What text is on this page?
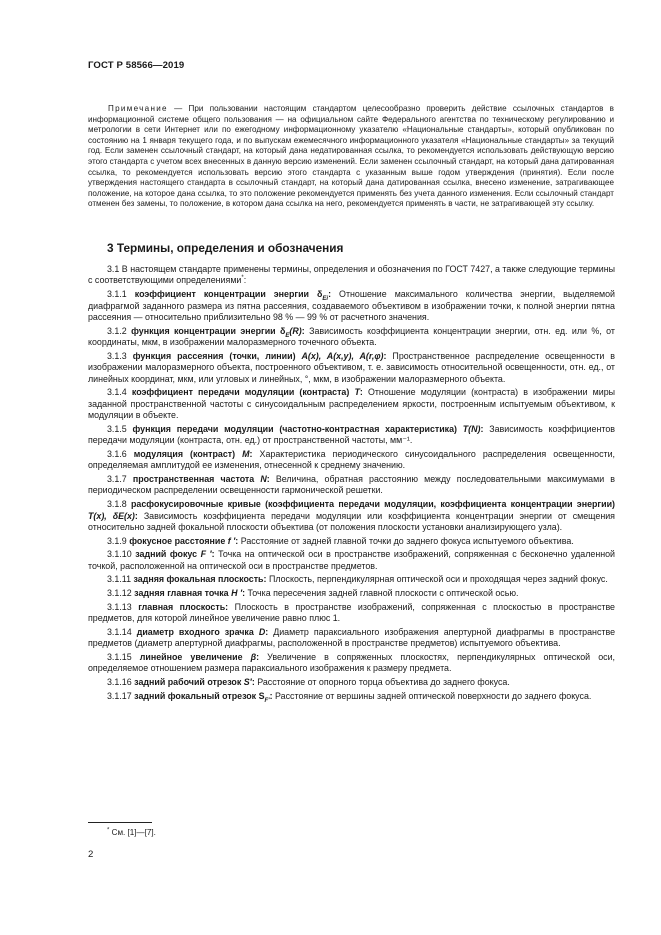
ГОСТ Р 58566—2019

Примечание — При пользовании настоящим стандартом целесообразно проверить действие ссылочных стандартов в информационной системе общего пользования — на официальном сайте Федерального агентства по техническому регулированию и метрологии в сети Интернет или по ежегодному информационному указателю «Национальные стандарты», который опубликован по состоянию на 1 января текущего года, и по выпускам ежемесячного информационного указателя «Национальные стандарты» за текущий год. Если заменен ссылочный стандарт, на который дана недатированная ссылка, то рекомендуется использовать действующую версию этого стандарта с учетом всех внесенных в данную версию изменений. Если заменен ссылочный стандарт, на который дана датированная ссылка, то рекомендуется использовать версию этого стандарта с указанным выше годом утверждения (принятия). Если после утверждения настоящего стандарта в ссылочный стандарт, на который дана датированная ссылка, внесено изменение, затрагивающее положение, на которое дана ссылка, то это положение рекомендуется применять без учета данного изменения. Если ссылочный стандарт отменен без замены, то положение, в котором дана ссылка на него, рекомендуется применять в части, не затрагивающей эту ссылку.

3 Термины, определения и обозначения

3.1 В настоящем стандарте применены термины, определения и обозначения по ГОСТ 7427, а также следующие термины с соответствующими определениями*:

3.1.1 коэффициент концентрации энергии $\delta_{Ei}$: Отношение максимального количества энергии, выделяемой диафрагмой заданного размера из пятна рассеяния, создаваемого объективом в изображении точки, к полной энергии пятна рассеяния — относительно приблизительно 98 % — 99 % от расчетного значения.

3.1.2 функция концентрации энергии $\delta_E(R)$: Зависимость коэффициента концентрации энергии, отн. ед. или %, от координаты, мкм, в изображении малоразмерного точечного объекта.

3.1.3 функция рассеяния (точки, линии) A(x), A(x,y), A(r,φ): Пространственное распределение освещенности в изображении малоразмерного объекта, построенного объективом, т. е. зависимость относительной освещенности, отн. ед., от линейных координат, мкм, или угловых и линейных, °, мкм, в изображении малоразмерного объекта.

3.1.4 коэффициент передачи модуляции (контраста) T: Отношение модуляции (контраста) в изображении миры заданной пространственной частоты с синусоидальным распределением яркости, построенным испытуемым объективом, к модуляции в объекте.

3.1.5 функция передачи модуляции (частотно-контрастная характеристика) T(N): Зависимость коэффициентов передачи модуляции (контраста, отн. ед.) от пространственной частоты, мм⁻¹.

3.1.6 модуляция (контраст) M: Характеристика периодического синусоидального распределения освещенности, определяемая амплитудой ее изменения, отнесенной к среднему значению.

3.1.7 пространственная частота N: Величина, обратная расстоянию между последовательными максимумами в периодическом распределении освещенности гармонической решетки.

3.1.8 расфокусировочные кривые (коэффициента передачи модуляции, коэффициента концентрации энергии) T(x), δE(x): Зависимость коэффициента передачи модуляции или коэффициента концентрации энергии от смещения относительно задней фокальной плоскости объектива (от положения плоскости установки анализирующего узла).

3.1.9 фокусное расстояние f ′: Расстояние от задней главной точки до заднего фокуса испытуемого объектива.

3.1.10 задний фокус F ′: Точка на оптической оси в пространстве изображений, сопряженная с бесконечно удаленной точкой, расположенной на оптической оси в пространстве предметов.

3.1.11 задняя фокальная плоскость: Плоскость, перпендикулярная оптической оси и проходящая через задний фокус.

3.1.12 задняя главная точка H ′: Точка пересечения задней главной плоскости с оптической осью.

3.1.13 главная плоскость: Плоскость в пространстве изображений, сопряженная с плоскостью в пространстве предметов, для которой линейное увеличение равно плюс 1.

3.1.14 диаметр входного зрачка D: Диаметр параксиального изображения апертурной диафрагмы в пространстве предметов (диаметр апертурной диафрагмы, расположенной в пространстве предметов) испытуемого объектива.

3.1.15 линейное увеличение β: Увеличение в сопряженных плоскостях, перпендикулярных оптической оси, определяемое отношением размера параксиального изображения к размеру предмета.

3.1.16 задний рабочий отрезок S′: Расстояние от опорного торца объектива до заднего фокуса.

3.1.17 задний фокальный отрезок $S_{F'}$: Расстояние от вершины задней оптической поверхности до заднего фокуса.

* См. [1]—[7].
2
